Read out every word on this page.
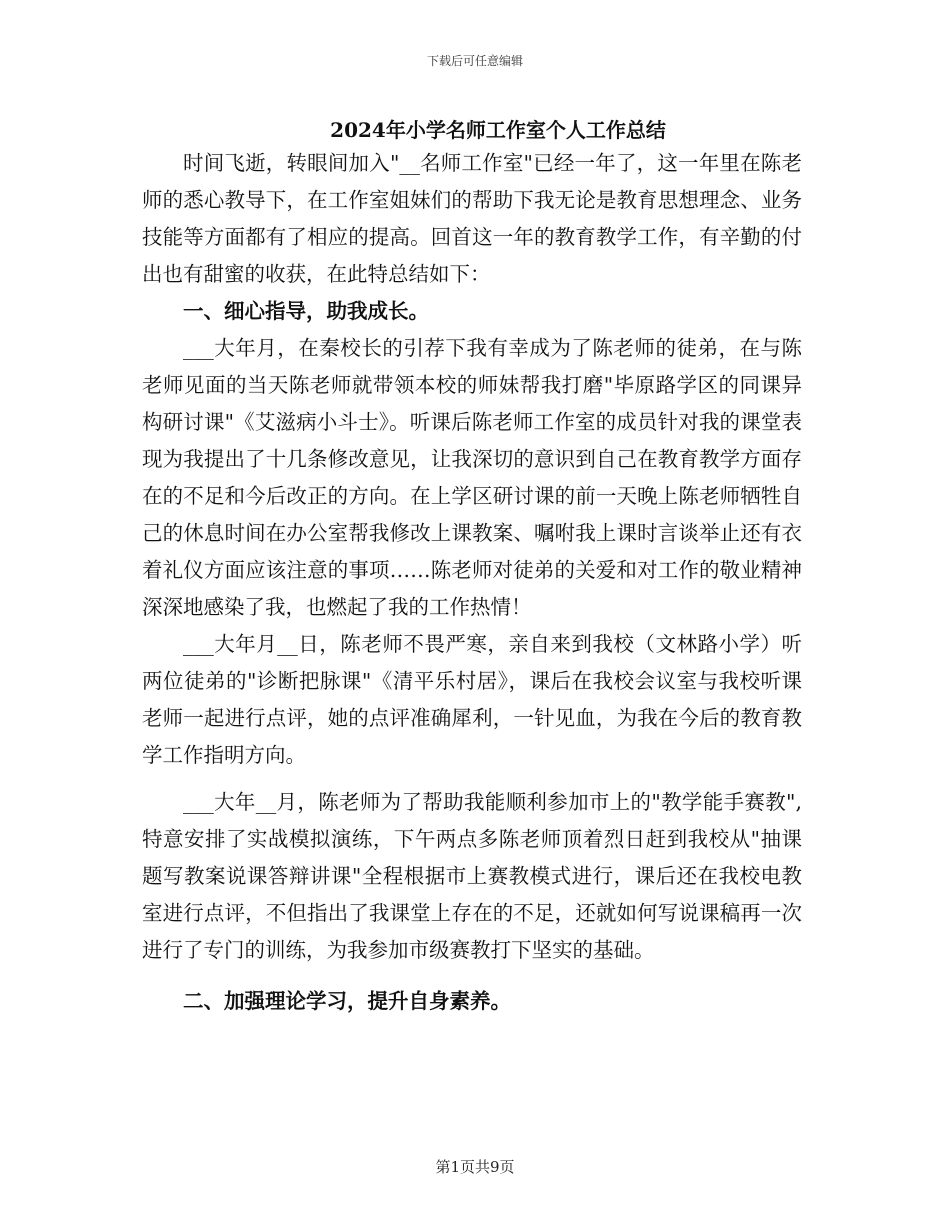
下载后可任意编辑
2024年小学名师工作室个人工作总结

时间飞逝，转眼间加入"__名师工作室"已经一年了，这一年里在陈老师的悉心教导下，在工作室姐妹们的帮助下我无论是教育思想理念、业务技能等方面都有了相应的提高。回首这一年的教育教学工作，有辛勤的付出也有甜蜜的收获，在此特总结如下：

一、细心指导，助我成长。

___大年月，在秦校长的引荐下我有幸成为了陈老师的徒弟，在与陈老师见面的当天陈老师就带领本校的师妹帮我打磨"毕原路学区的同课异构研讨课"《艾滋病小斗士》。听课后陈老师工作室的成员针对我的课堂表现为我提出了十几条修改意见，让我深切的意识到自己在教育教学方面存在的不足和今后改正的方向。在上学区研讨课的前一天晚上陈老师牺牲自己的休息时间在办公室帮我修改上课教案、嘱咐我上课时言谈举止还有衣着礼仪方面应该注意的事项……陈老师对徒弟的关爱和对工作的敬业精神深深地感染了我，也燃起了我的工作热情！

___大年月__日，陈老师不畏严寒，亲自来到我校（文林路小学）听两位徒弟的"诊断把脉课"《清平乐村居》，课后在我校会议室与我校听课老师一起进行点评，她的点评准确犀利，一针见血，为我在今后的教育教学工作指明方向。

___大年__月，陈老师为了帮助我能顺利参加市上的"教学能手赛教",特意安排了实战模拟演练，下午两点多陈老师顶着烈日赶到我校从"抽课题写教案说课答辩讲课"全程根据市上赛教模式进行，课后还在我校电教室进行点评，不但指出了我课堂上存在的不足，还就如何写说课稿再一次进行了专门的训练，为我参加市级赛教打下坚实的基础。

二、加强理论学习，提升自身素养。

第1页共9页
